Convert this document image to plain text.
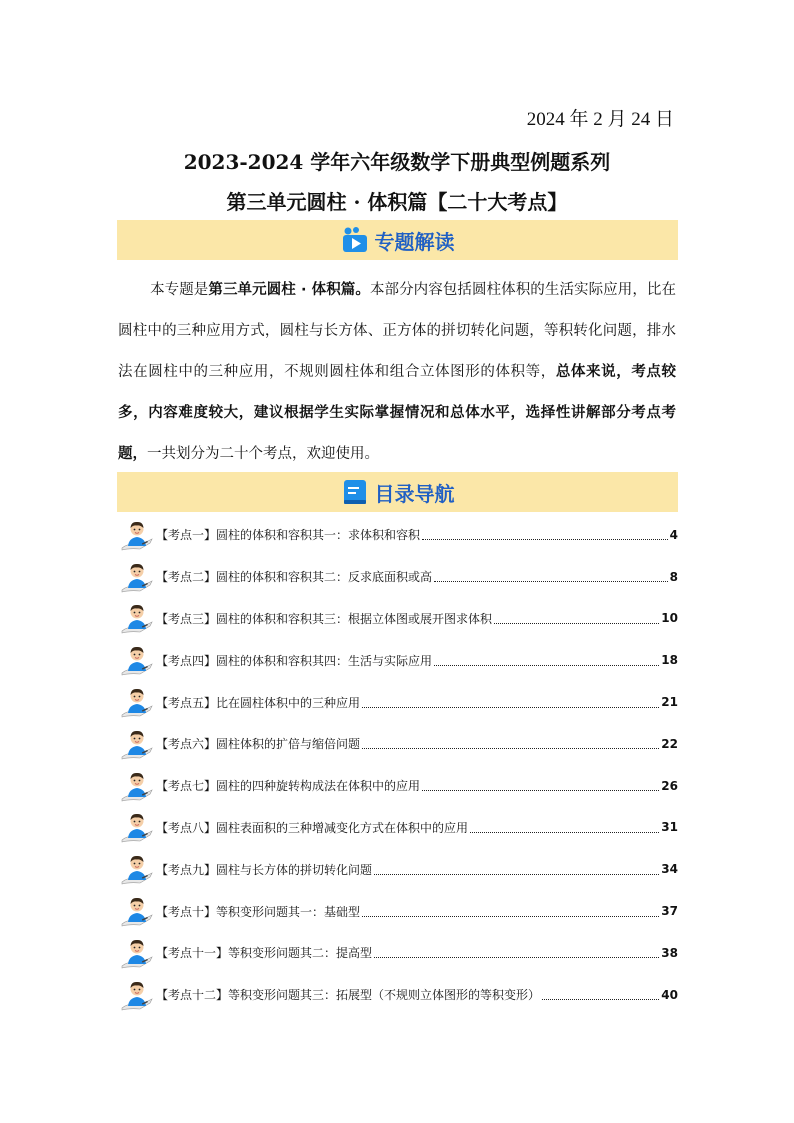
2024 年 2 月 24 日
2023-2024 学年六年级数学下册典型例题系列
第三单元圆柱 · 体积篇【二十大考点】
专题解读
本专题是第三单元圆柱 · 体积篇。本部分内容包括圆柱体积的生活实际应用，比在圆柱中的三种应用方式，圆柱与长方体、正方体的拼切转化问题，等积转化问题，排水法在圆柱中的三种应用，不规则圆柱体和组合立体图形的体积等，总体来说，考点较多，内容难度较大，建议根据学生实际掌握情况和总体水平，选择性讲解部分考点考题，一共划分为二十个考点，欢迎使用。
目录导航
【考点一】圆柱的体积和容积其一：求体积和容积	4
【考点二】圆柱的体积和容积其二：反求底面积或高	8
【考点三】圆柱的体积和容积其三：根据立体图或展开图求体积	10
【考点四】圆柱的体积和容积其四：生活与实际应用	18
【考点五】比在圆柱体积中的三种应用	21
【考点六】圆柱体积的扩倍与缩倍问题	22
【考点七】圆柱的四种旋转构成法在体积中的应用	26
【考点八】圆柱表面积的三种增减变化方式在体积中的应用	31
【考点九】圆柱与长方体的拼切转化问题	34
【考点十】等积变形问题其一：基础型	37
【考点十一】等积变形问题其二：提高型	38
【考点十二】等积变形问题其三：拓展型（不规则立体图形的等积变形）	40
